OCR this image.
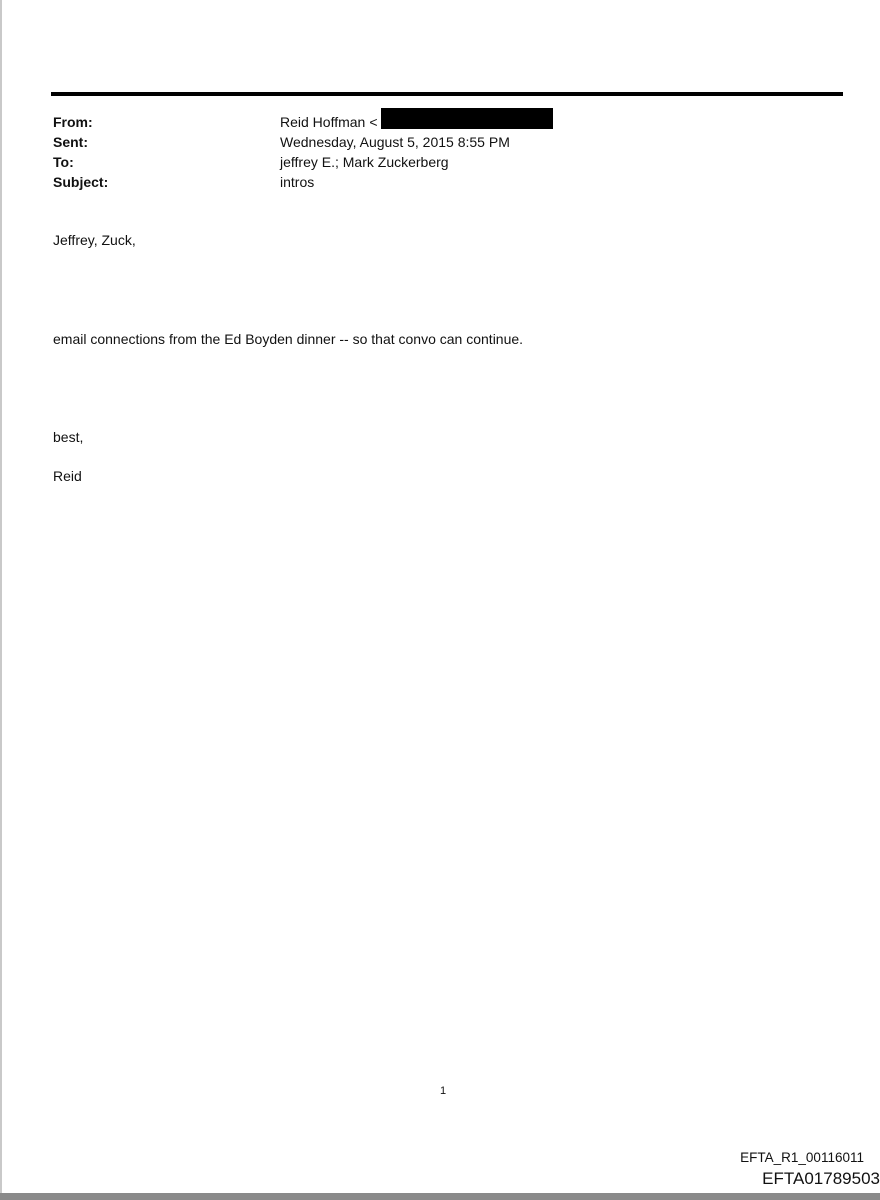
From:	Reid Hoffman <
Sent:	Wednesday, August 5, 2015 8:55 PM
To:	jeffrey E.; Mark Zuckerberg
Subject:	intros
Jeffrey, Zuck,
email connections from the Ed Boyden dinner -- so that convo can continue.
best,
Reid
1
EFTA_R1_00116011
EFTA01789503
